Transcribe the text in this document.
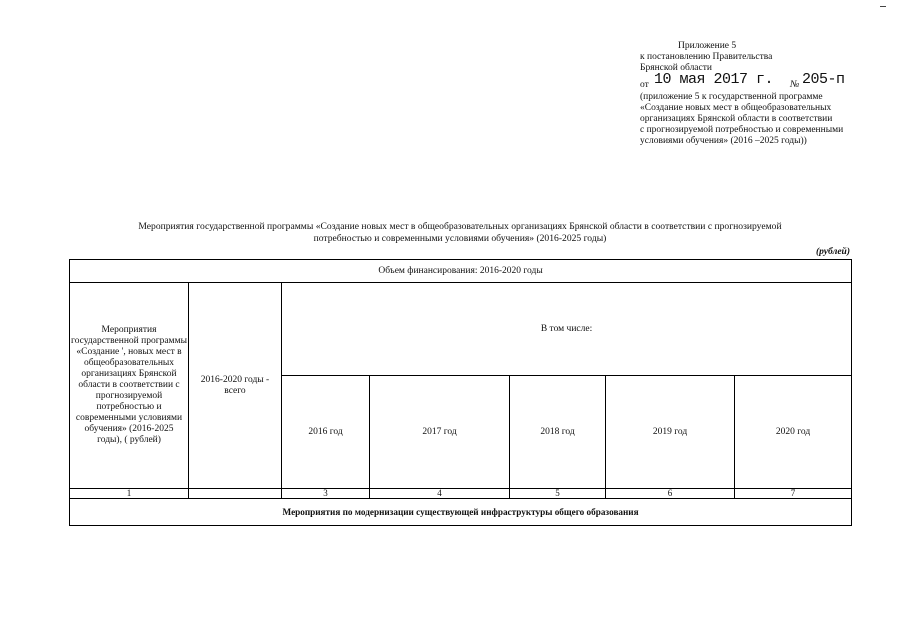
Приложение 5
к постановлению Правительства
Брянской области
от 10 мая 2017 г. № 205-п
(приложение 5 к государственной программе
«Создание новых мест в общеобразовательных
организациях Брянской области в соответствии
с прогнозируемой потребностью и современными
условиями обучения» (2016 –2025 годы))
Мероприятия государственной программы «Создание новых мест в общеобразовательных организациях Брянской области в соответствии с прогнозируемой
потребностью и современными условиями обучения» (2016-2025 годы)
(рублей)
Объем финансирования: 2016-2020 годы						
Мероприятия государственной программы «Создание ', новых мест в общеобразовательных организациях Брянской области в соответствии с прогнозируемой потребностью и современными условиями обучения» (2016-2025 годы), ( рублей)	2016-2020 годы - всего	В том числе:				
		2016 год	2017 год	2018 год	2019 год	2020 год
1		3	4	5	6	7
Мероприятия по модернизации существующей инфраструктуры общего образования						
